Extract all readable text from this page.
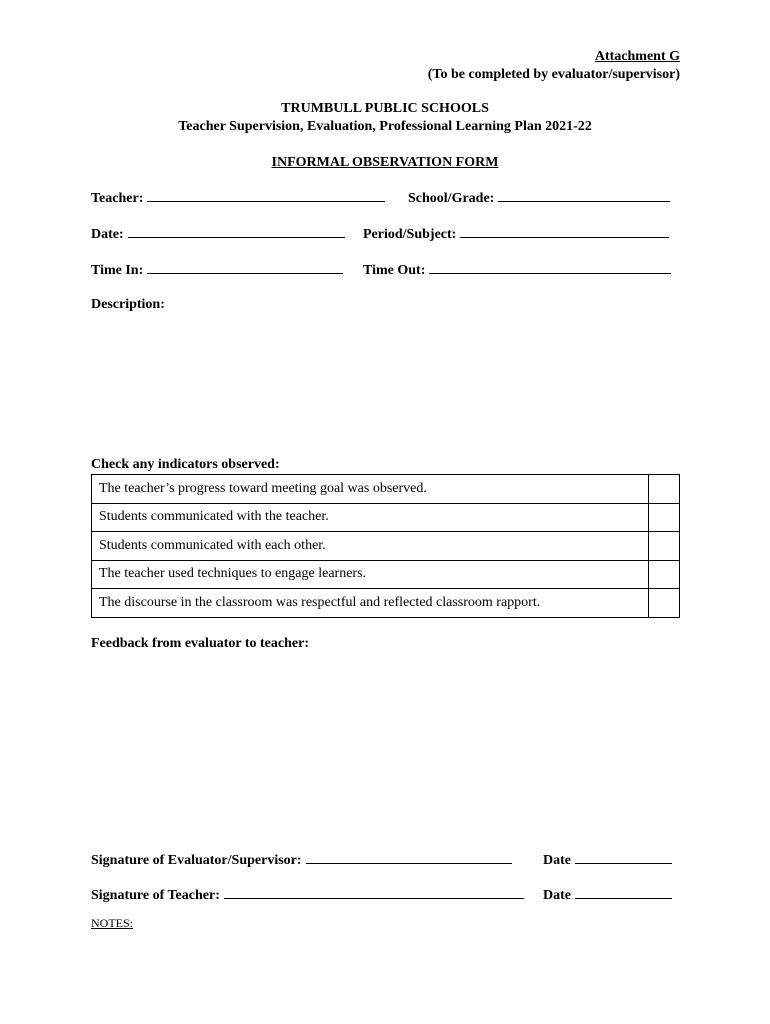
Attachment G
(To be completed by evaluator/supervisor)
TRUMBULL PUBLIC SCHOOLS
Teacher Supervision, Evaluation, Professional Learning Plan 2021-22
INFORMAL OBSERVATION FORM
Teacher:	School/Grade:
Date:	Period/Subject:
Time In:	Time Out:
Description:
Check any indicators observed:
The teacher’s progress toward meeting goal was observed.	
Students communicated with the teacher.	
Students communicated with each other.	
The teacher used techniques to engage learners.	
The discourse in the classroom was respectful and reflected classroom rapport.	
Feedback from evaluator to teacher:
Signature of Evaluator/Supervisor:	Date
Signature of Teacher:	Date
NOTES:
